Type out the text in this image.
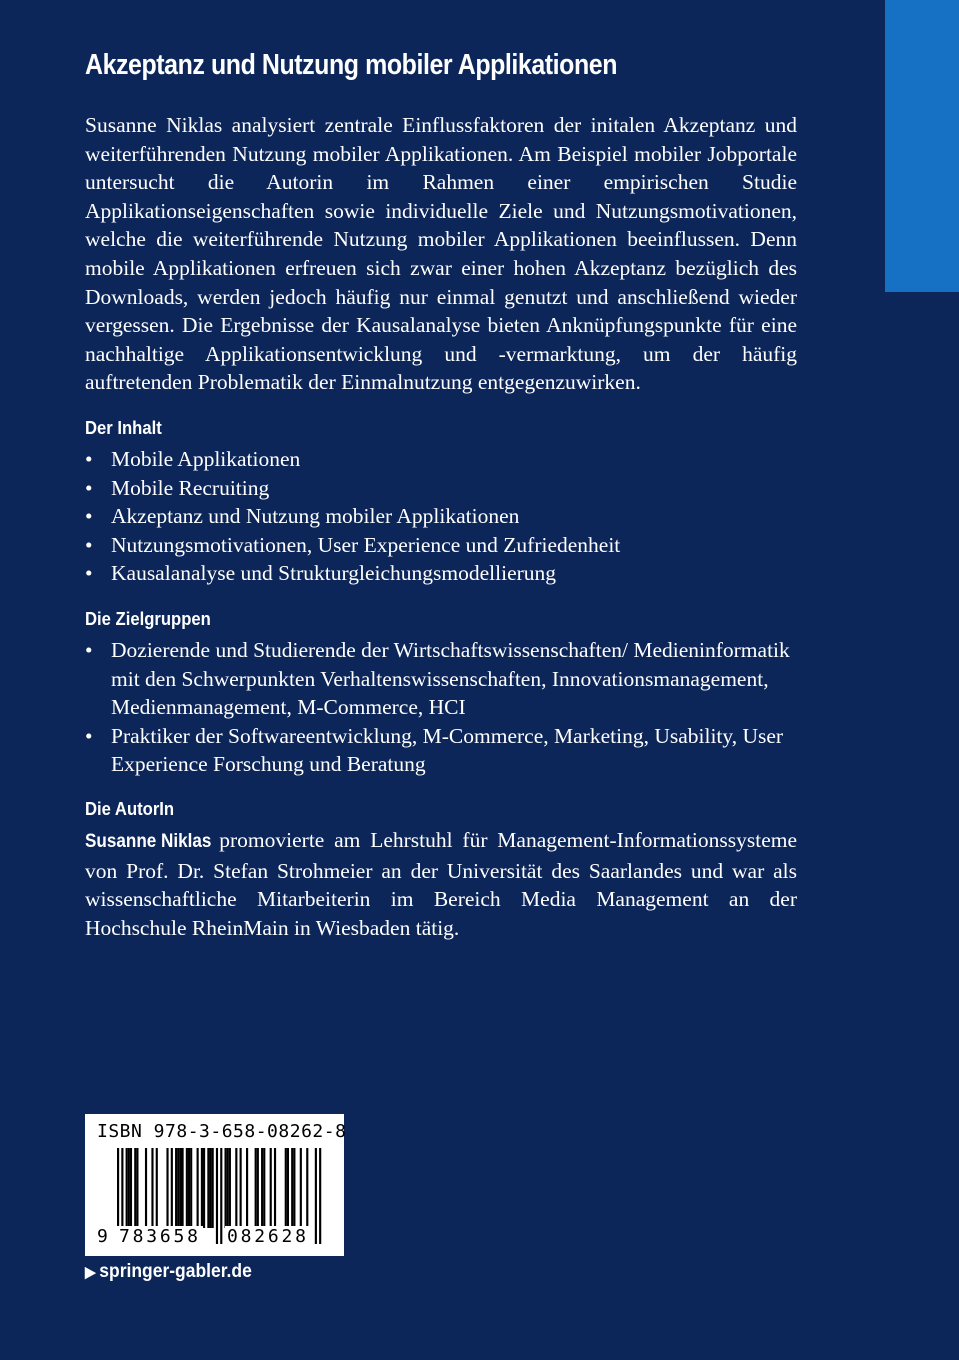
Akzeptanz und Nutzung mobiler Applikationen

Susanne Niklas analysiert zentrale Einflussfaktoren der initalen Akzeptanz und weiterführenden Nutzung mobiler Applikationen. Am Beispiel mobiler Jobportale untersucht die Autorin im Rahmen einer empirischen Studie Applikationseigenschaften sowie individuelle Ziele und Nutzungsmotivationen, welche die weiterführende Nutzung mobiler Applikationen beeinflussen. Denn mobile Applikationen erfreuen sich zwar einer hohen Akzeptanz bezüglich des Downloads, werden jedoch häufig nur einmal genutzt und anschließend wieder vergessen. Die Ergebnisse der Kausalanalyse bieten Anknüpfungspunkte für eine nachhaltige Applikationsentwicklung und -vermarktung, um der häufig auftretenden Problematik der Einmalnutzung entgegenzuwirken.

Der Inhalt
• Mobile Applikationen
• Mobile Recruiting
• Akzeptanz und Nutzung mobiler Applikationen
• Nutzungsmotivationen, User Experience und Zufriedenheit
• Kausalanalyse und Strukturgleichungsmodellierung
Die Zielgruppen
• Dozierende und Studierende der Wirtschaftswissenschaften/ Medieninformatik mit den Schwerpunkten Verhaltenswissenschaften, Innovationsmanagement, Medienmanagement, M-Commerce, HCI
• Praktiker der Softwareentwicklung, M-Commerce, Marketing, Usability, User Experience Forschung und Beratung
Die AutorIn

Susanne Niklas promovierte am Lehrstuhl für Management-Informationssysteme von Prof. Dr. Stefan Strohmeier an der Universität des Saarlandes und war als wissenschaftliche Mitarbeiterin im Bereich Media Management an der Hochschule RheinMain in Wiesbaden tätig.

ISBN 978-3-658-08262-8
9 783658 082628
▶ springer-gabler.de
